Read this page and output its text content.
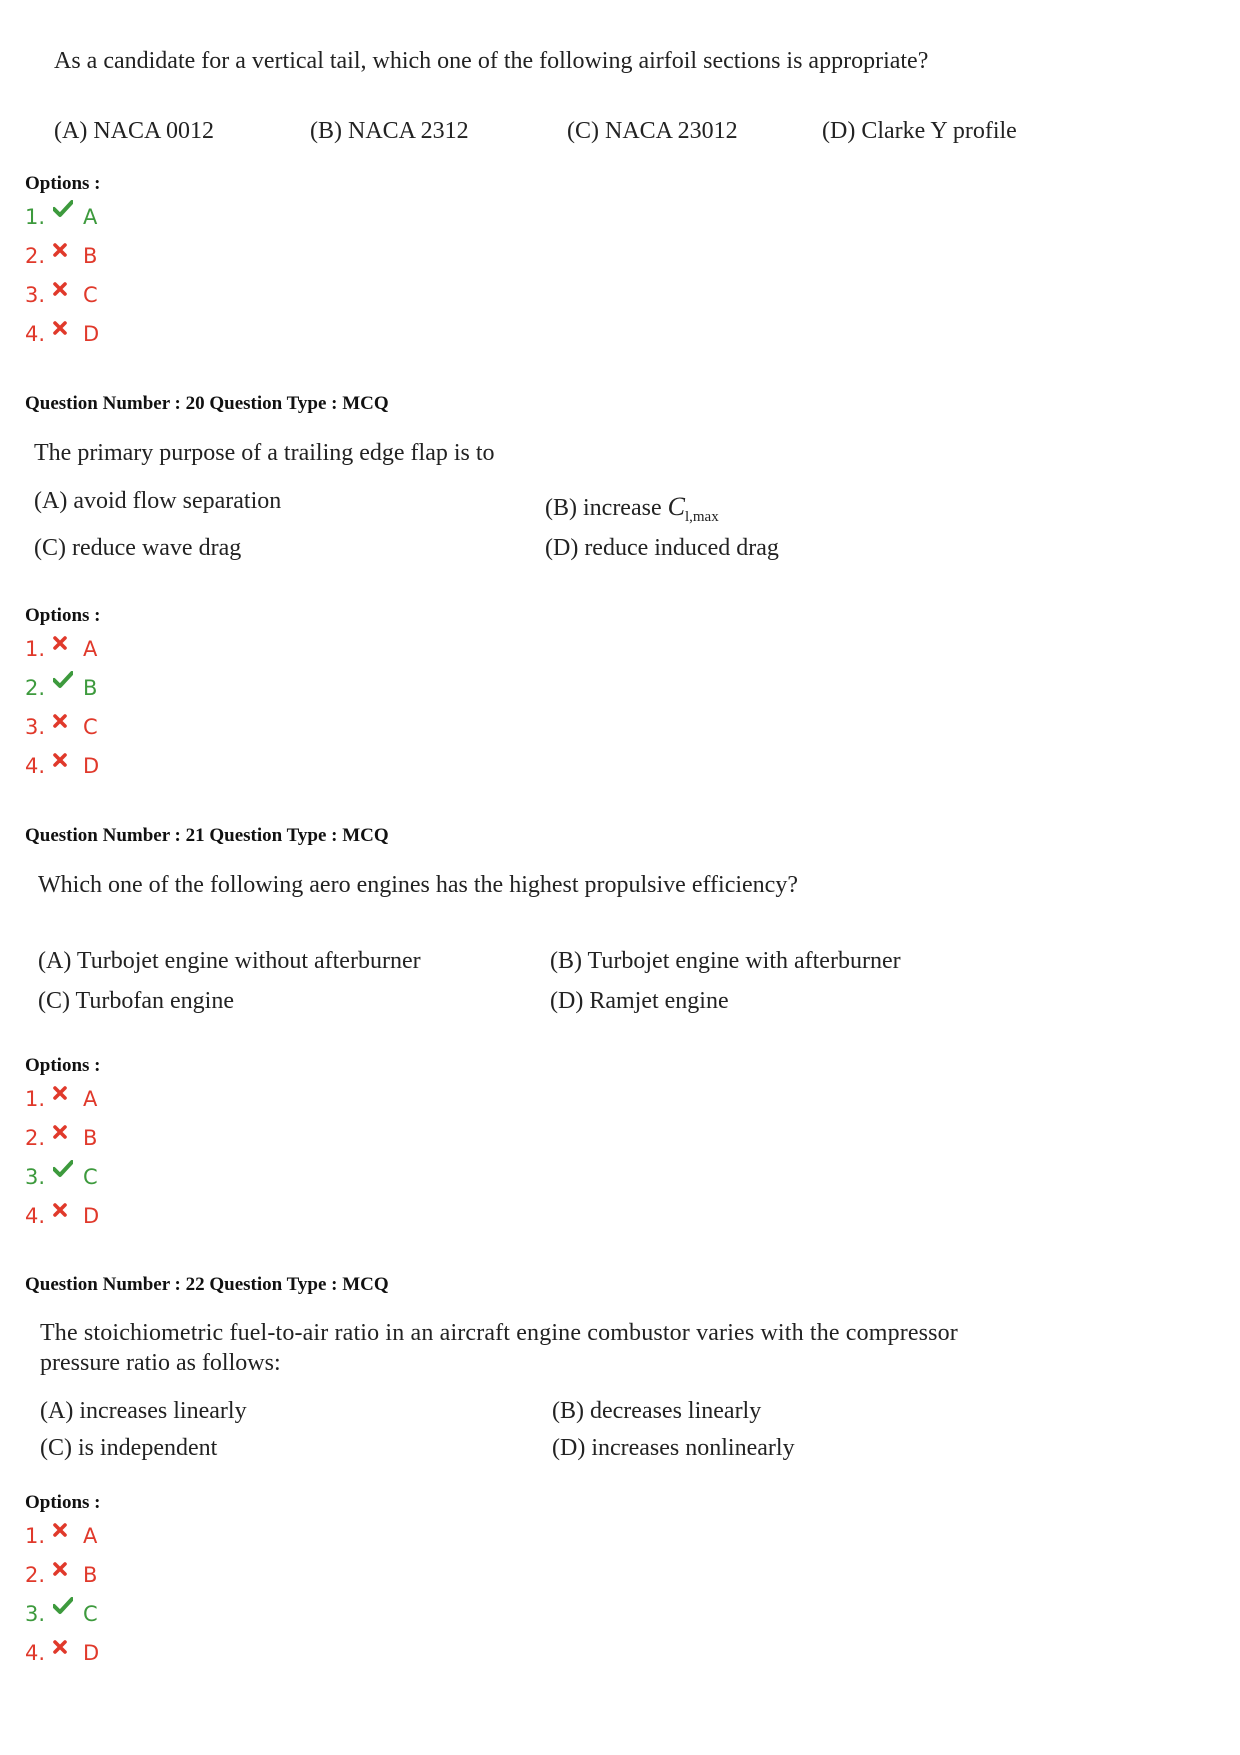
As a candidate for a vertical tail, which one of the following airfoil sections is appropriate?
(A) NACA 0012	(B) NACA 2312	(C) NACA 23012	(D) Clarke Y profile
Options :
1. A
2. B
3. C
4. D
Question Number : 20 Question Type : MCQ
The primary purpose of a trailing edge flap is to
(A) avoid flow separation	(B) increase $C_{l,max}$
(C) reduce wave drag	(D) reduce induced drag
Options :
1. A
2. B
3. C
4. D
Question Number : 21 Question Type : MCQ
Which one of the following aero engines has the highest propulsive efficiency?
(A) Turbojet engine without afterburner	(B) Turbojet engine with afterburner
(C) Turbofan engine	(D) Ramjet engine
Options :
1. A
2. B
3. C
4. D
Question Number : 22 Question Type : MCQ
The stoichiometric fuel-to-air ratio in an aircraft engine combustor varies with the compressor
pressure ratio as follows:
(A) increases linearly	(B) decreases linearly
(C) is independent	(D) increases nonlinearly
Options :
1. A
2. B
3. C
4. D
